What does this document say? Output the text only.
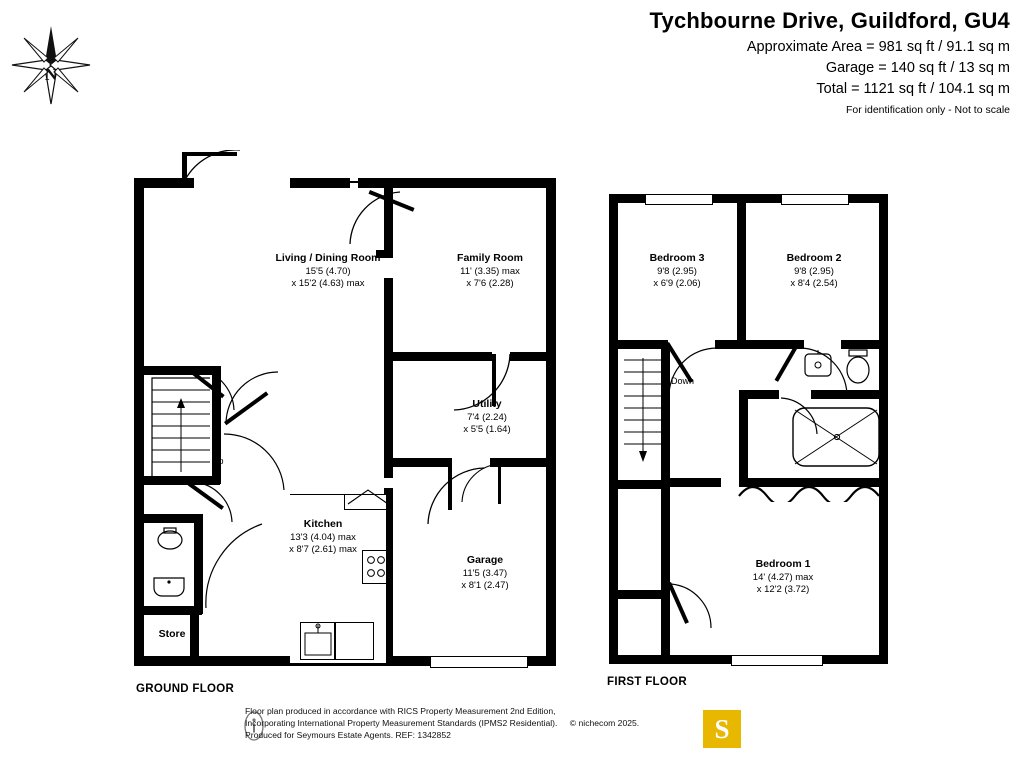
Tychbourne Drive, Guildford, GU4
Approximate Area = 981 sq ft / 91.1 sq m
Garage = 140 sq ft / 13 sq m
Total = 1121 sq ft / 104.1 sq m
For identification only - Not to scale
N
Up
Living / Dining Room
15'5 (4.70)
x 15'2 (4.63) max
Family Room
11' (3.35) max
x 7'6 (2.28)
Utility
7'4 (2.24)
x 5'5 (1.64)
Kitchen
13'3 (4.04) max
x 8'7 (2.61) max
Garage
11'5 (3.47)
x 8'1 (2.47)
Store
GROUND FLOOR
Down
Bedroom 3
9'8 (2.95)
x 6'9 (2.06)
Bedroom 2
9'8 (2.95)
x 8'4 (2.54)
Bedroom 1
14' (4.27) max
x 12'2 (3.72)
FIRST FLOOR
Floor plan produced in accordance with RICS Property Measurement 2nd Edition,
Incorporating International Property Measurement Standards (IPMS2 Residential). © nichecom 2025.
Produced for Seymours Estate Agents. REF: 1342852	S
